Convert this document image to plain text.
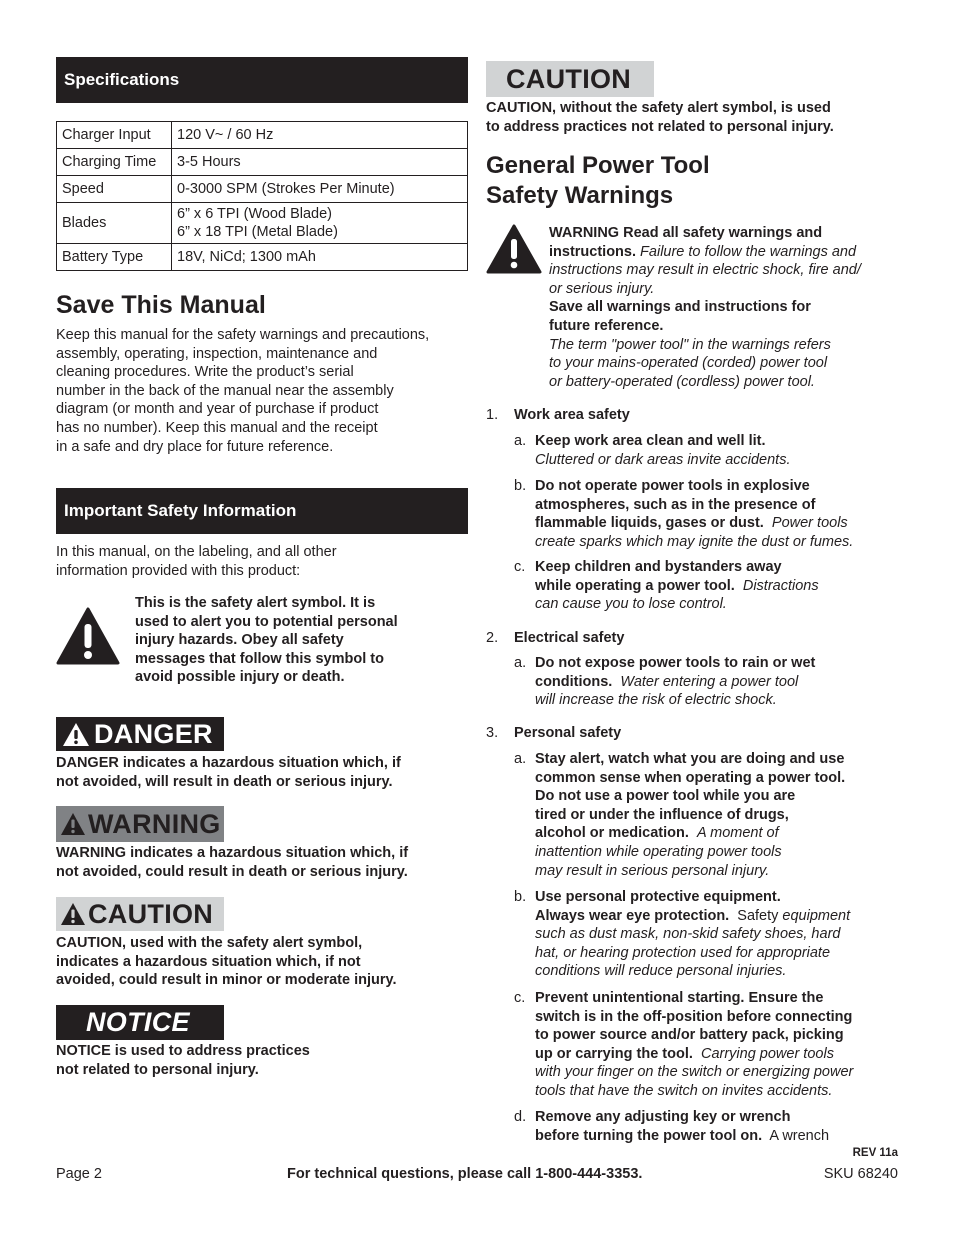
Specifications
Charger Input	120 V~ / 60 Hz
Charging Time	3-5 Hours
Speed	0-3000 SPM (Strokes Per Minute)
Blades	6” x 6 TPI (Wood Blade)
6” x 18 TPI (Metal Blade)
Battery Type	18V, NiCd; 1300 mAh
Save This Manual
Keep this manual for the safety warnings and precautions,
assembly, operating, inspection, maintenance and
cleaning procedures. Write the product’s serial
number in the back of the manual near the assembly
diagram (or month and year of purchase if product
has no number). Keep this manual and the receipt
in a safe and dry place for future reference.
Important Safety Information
In this manual, on the labeling, and all other
information provided with this product:
This is the safety alert symbol. It is
used to alert you to potential personal
injury hazards. Obey all safety
messages that follow this symbol to
avoid possible injury or death.
DANGER
DANGER indicates a hazardous situation which, if
not avoided, will result in death or serious injury.
WARNING
WARNING indicates a hazardous situation which, if
not avoided, could result in death or serious injury.
CAUTION
CAUTION, used with the safety alert symbol,
indicates a hazardous situation which, if not
avoided, could result in minor or moderate injury.
NOTICE
NOTICE is used to address practices
not related to personal injury.
CAUTION
CAUTION, without the safety alert symbol, is used
to address practices not related to personal injury.
General Power Tool
Safety Warnings
WARNING Read all safety warnings and
instructions. Failure to follow the warnings and
instructions may result in electric shock, fire and/
or serious injury.
Save all warnings and instructions for
future reference.
The term "power tool" in the warnings refers
to your mains-operated (corded) power tool
or battery-operated (cordless) power tool.
1. Work area safety
a. Keep work area clean and well lit.
Cluttered or dark areas invite accidents.
b. Do not operate power tools in explosive
atmospheres, such as in the presence of
flammable liquids, gases or dust. Power tools
create sparks which may ignite the dust or fumes.
c. Keep children and bystanders away
while operating a power tool. Distractions
can cause you to lose control.
2. Electrical safety
a. Do not expose power tools to rain or wet
conditions. Water entering a power tool
will increase the risk of electric shock.
3. Personal safety
a. Stay alert, watch what you are doing and use
common sense when operating a power tool.
Do not use a power tool while you are
tired or under the influence of drugs,
alcohol or medication. A moment of
inattention while operating power tools
may result in serious personal injury.
b. Use personal protective equipment.
Always wear eye protection. Safety equipment
such as dust mask, non-skid safety shoes, hard
hat, or hearing protection used for appropriate
conditions will reduce personal injuries.
c. Prevent unintentional starting. Ensure the
switch is in the off-position before connecting
to power source and/or battery pack, picking
up or carrying the tool. Carrying power tools
with your finger on the switch or energizing power
tools that have the switch on invites accidents.
d. Remove any adjusting key or wrench
before turning the power tool on. A wrench
REV 11a
Page 2	For technical questions, please call 1-800-444-3353.	SKU 68240
